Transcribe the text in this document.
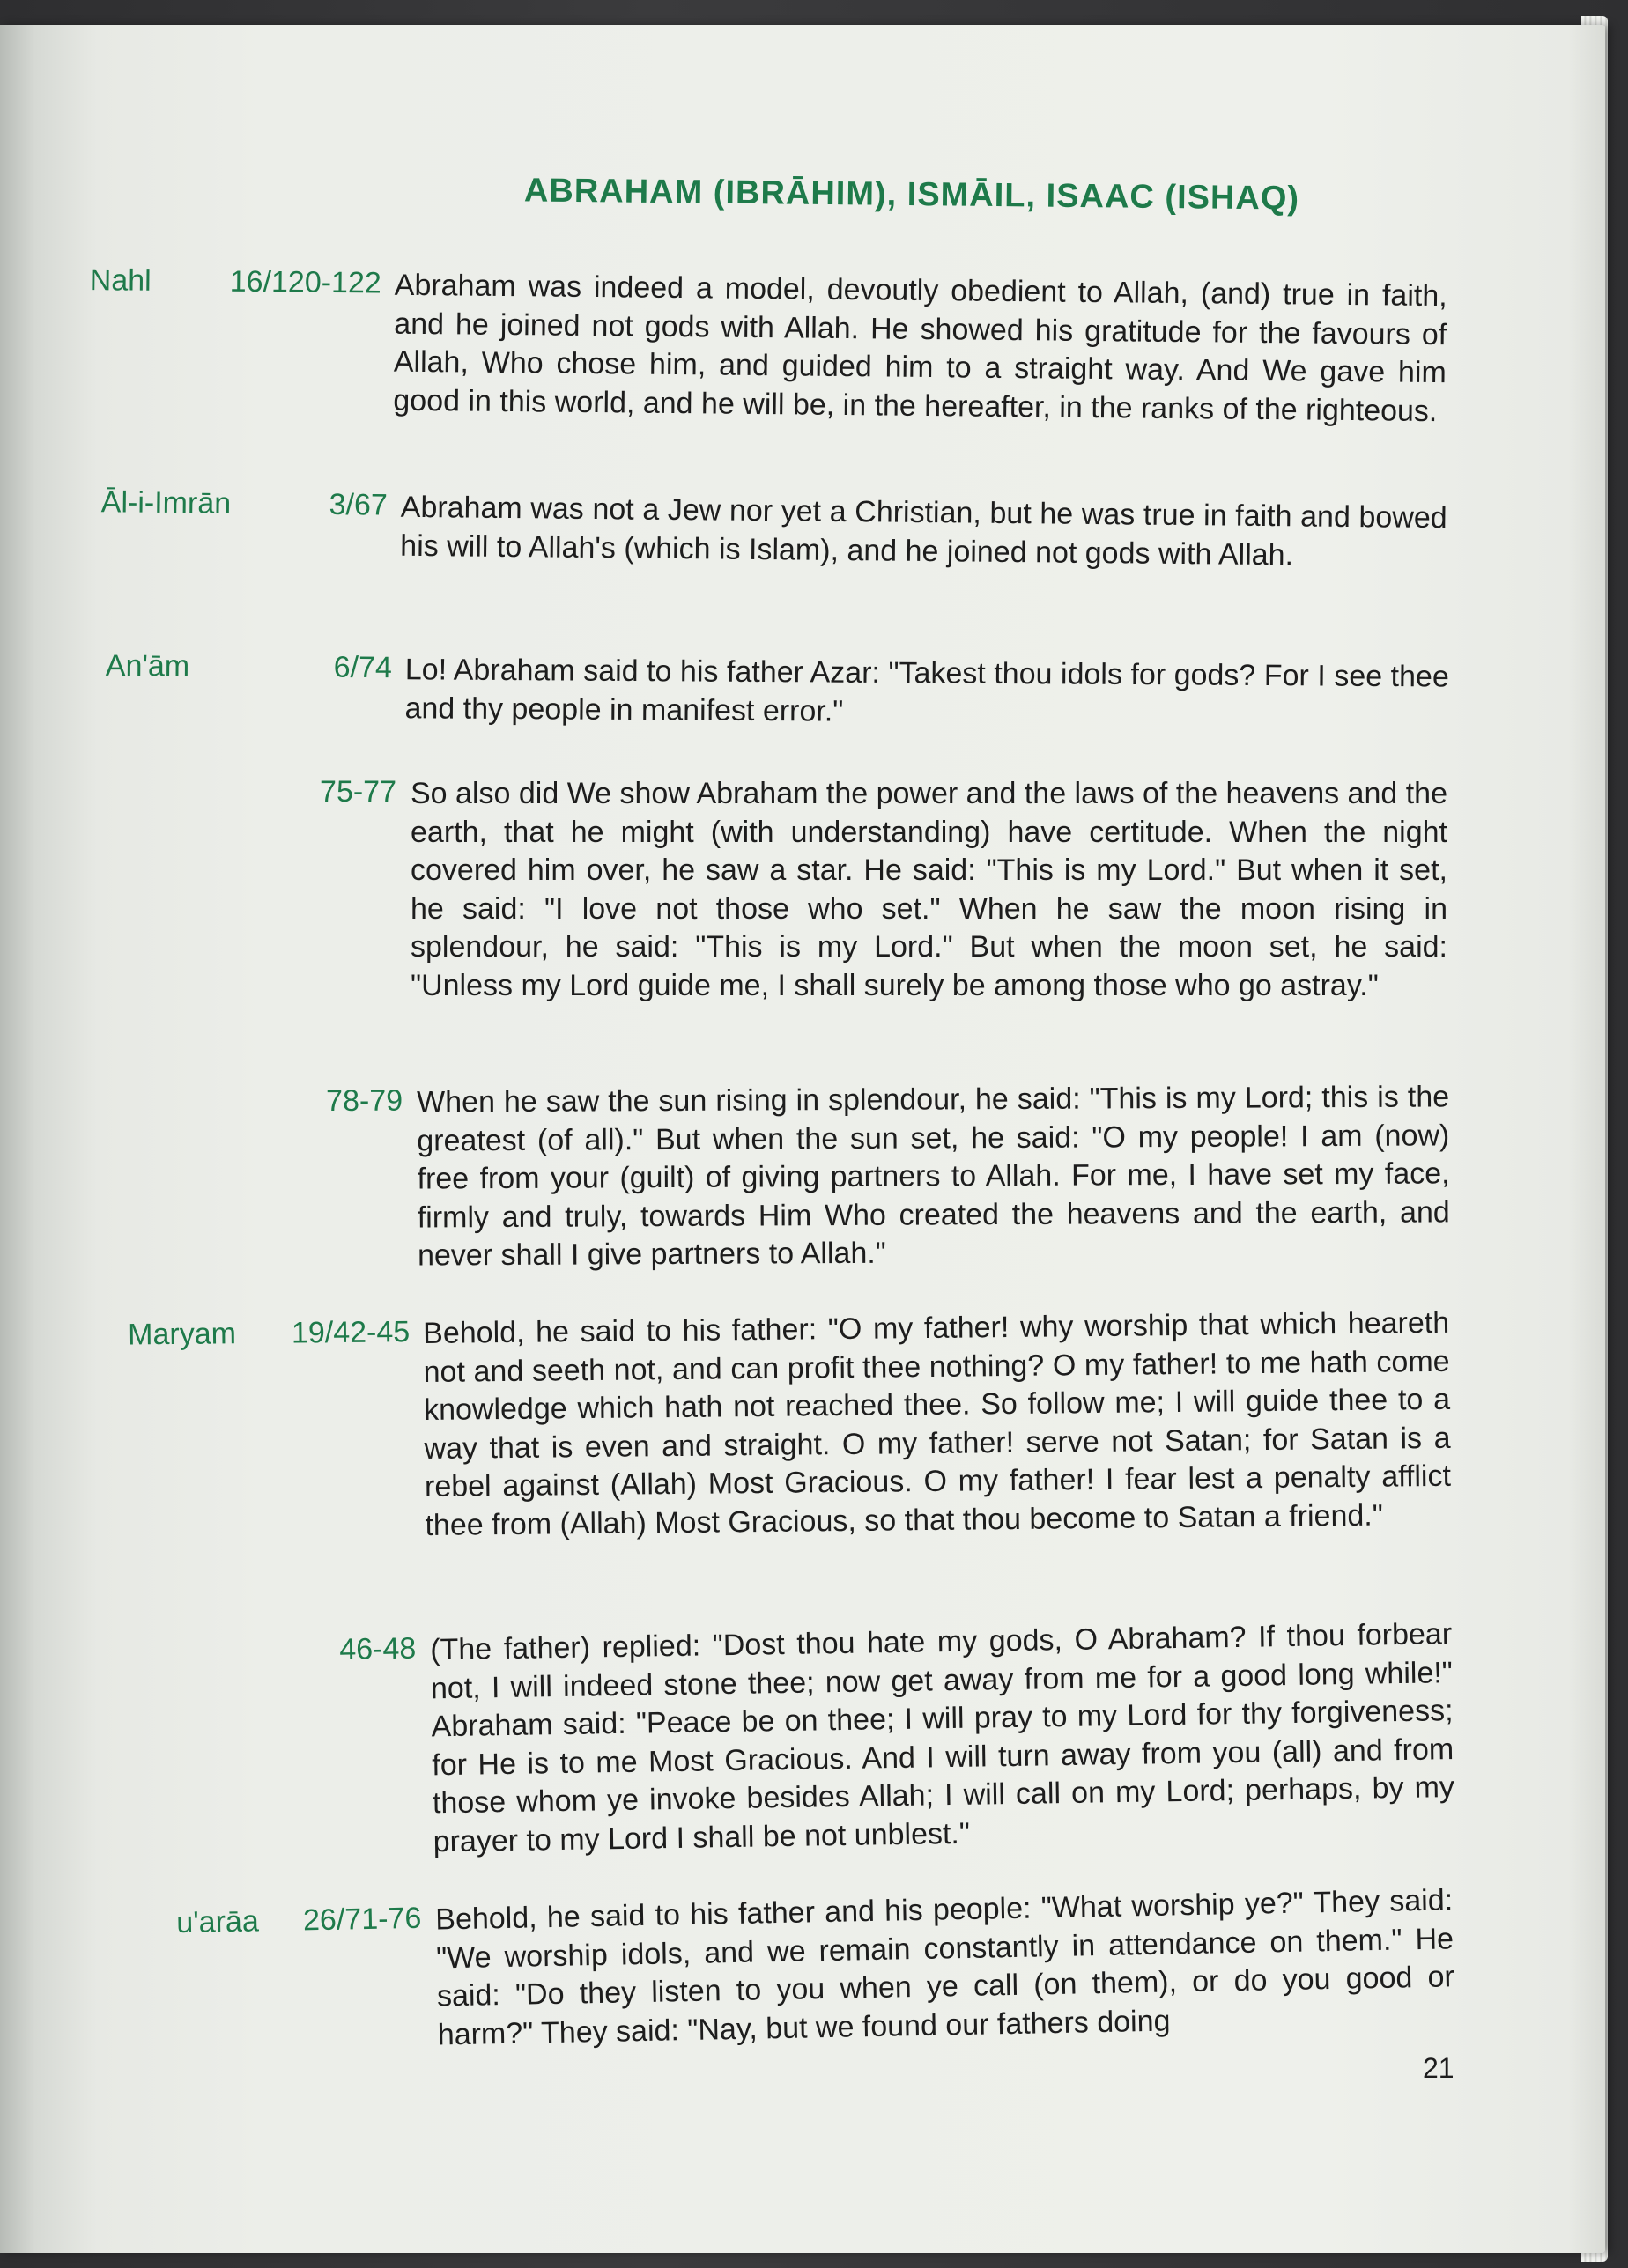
ABRAHAM (IBRĀHIM), ISMĀIL, ISAAC (ISHAQ)
Nahl	16/120-122 Abraham was indeed a model, devoutly obedient to Allah, (and) true in faith, and he joined not gods with Allah. He showed his gratitude for the favours of Allah, Who chose him, and guided him to a straight way. And We gave him good in this world, and he will be, in the hereafter, in the ranks of the righteous.
Āl-i-Imrān	3/67 Abraham was not a Jew nor yet a Christian, but he was true in faith and bowed his will to Allah's (which is Islam), and he joined not gods with Allah.
An'ām	6/74 Lo! Abraham said to his father Azar: "Takest thou idols for gods? For I see thee and thy people in manifest error."
75-77 So also did We show Abraham the power and the laws of the heavens and the earth, that he might (with understanding) have certitude. When the night covered him over, he saw a star. He said: "This is my Lord." But when it set, he said: "I love not those who set." When he saw the moon rising in splendour, he said: "This is my Lord." But when the moon set, he said: "Unless my Lord guide me, I shall surely be among those who go astray."
78-79 When he saw the sun rising in splendour, he said: "This is my Lord; this is the greatest (of all)." But when the sun set, he said: "O my people! I am (now) free from your (guilt) of giving partners to Allah. For me, I have set my face, firmly and truly, towards Him Who created the heavens and the earth, and never shall I give partners to Allah."
Maryam	19/42-45 Behold, he said to his father: "O my father! why worship that which heareth not and seeth not, and can profit thee nothing? O my father! to me hath come knowledge which hath not reached thee. So follow me; I will guide thee to a way that is even and straight. O my father! serve not Satan; for Satan is a rebel against (Allah) Most Gracious. O my father! I fear lest a penalty afflict thee from (Allah) Most Gracious, so that thou become to Satan a friend."
46-48 (The father) replied: "Dost thou hate my gods, O Abraham? If thou forbear not, I will indeed stone thee; now get away from me for a good long while!" Abraham said: "Peace be on thee; I will pray to my Lord for thy forgiveness; for He is to me Most Gracious. And I will turn away from you (all) and from those whom ye invoke besides Allah; I will call on my Lord; perhaps, by my prayer to my Lord I shall be not unblest."
u'arāa	26/71-76 Behold, he said to his father and his people: "What worship ye?" They said: "We worship idols, and we remain constantly in attendance on them." He said: "Do they listen to you when ye call (on them), or do you good or harm?" They said: "Nay, but we found our fathers doing
21
